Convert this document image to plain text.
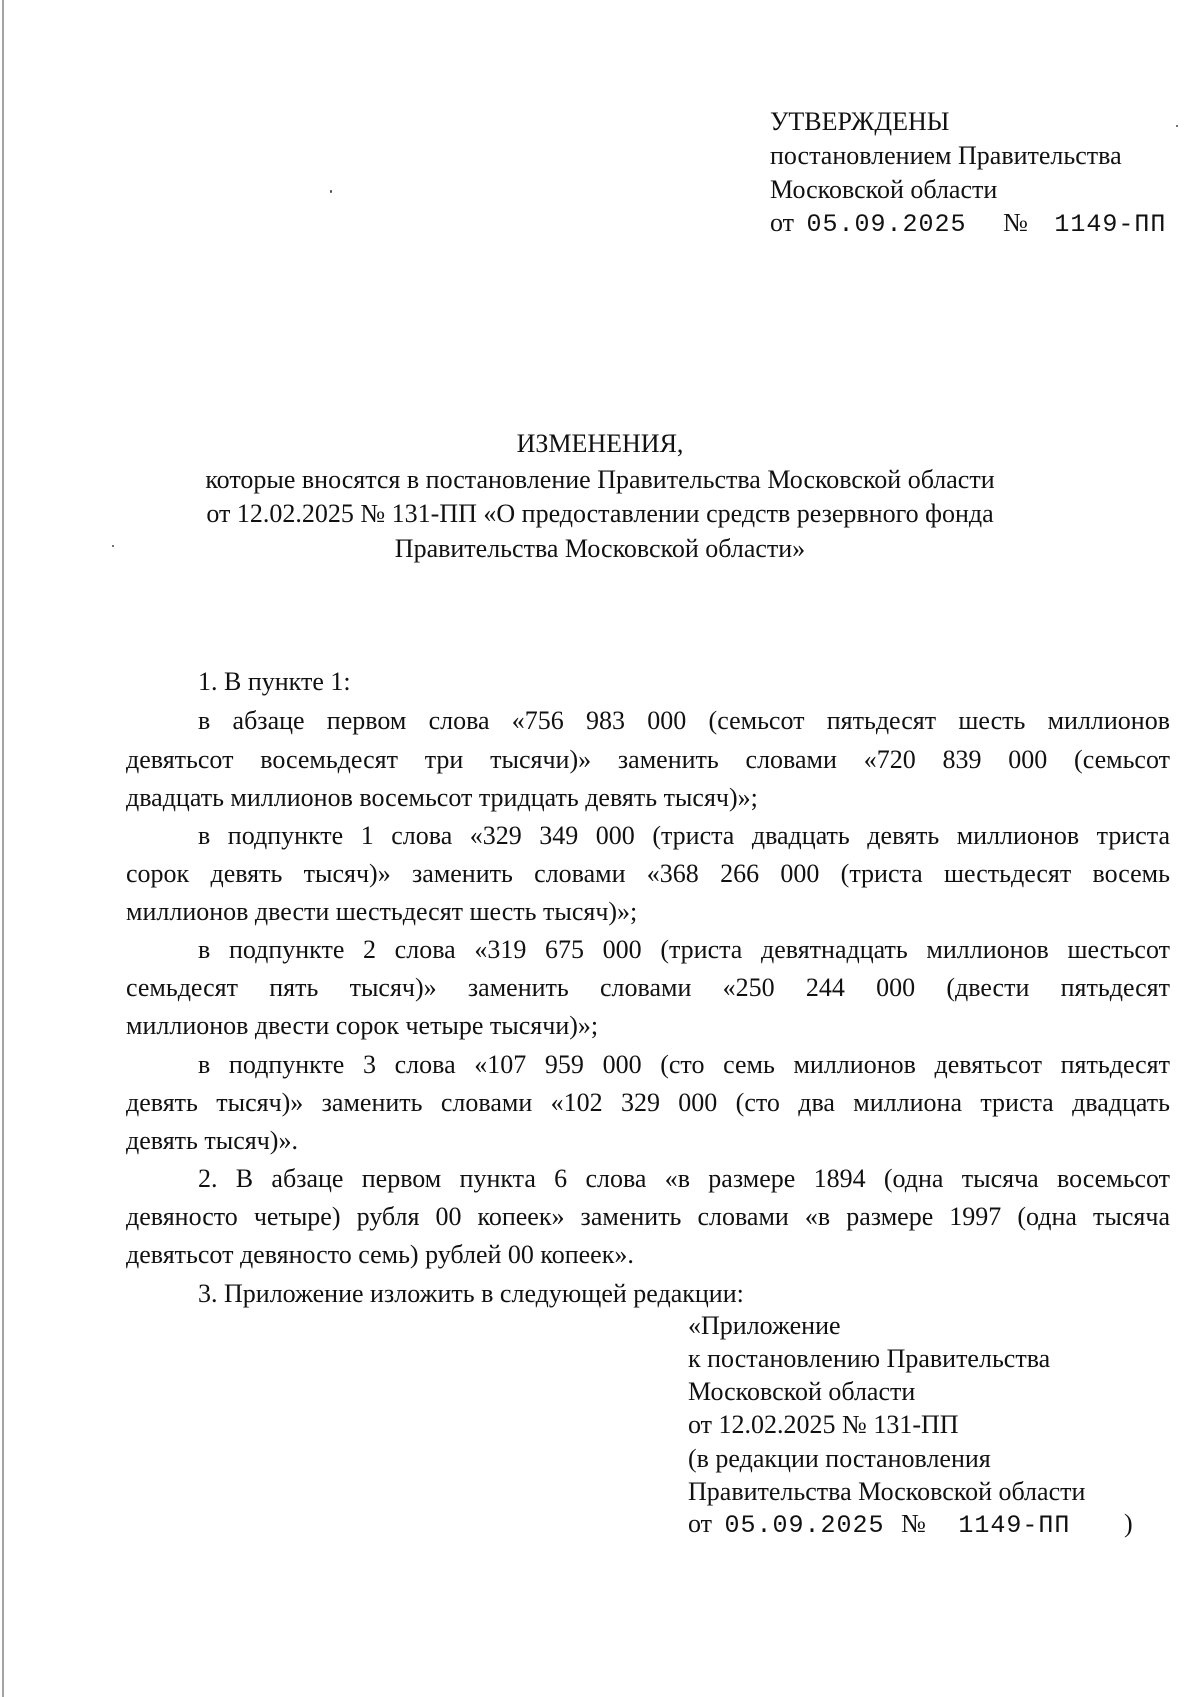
УТВЕРЖДЕНЫ
постановлением Правительства
Московской области
от 05.09.2025 № 1149-ПП
ИЗМЕНЕНИЯ,
которые вносятся в постановление Правительства Московской области
от 12.02.2025 № 131-ПП «О предоставлении средств резервного фонда
Правительства Московской области»
1. В пункте 1:
в абзаце первом слова «756 983 000 (семьсот пятьдесят шесть миллионов
девятьсот восемьдесят три тысячи)» заменить словами «720 839 000 (семьсот
двадцать миллионов восемьсот тридцать девять тысяч)»;
в подпункте 1 слова «329 349 000 (триста двадцать девять миллионов триста
сорок девять тысяч)» заменить словами «368 266 000 (триста шестьдесят восемь
миллионов двести шестьдесят шесть тысяч)»;
в подпункте 2 слова «319 675 000 (триста девятнадцать миллионов шестьсот
семьдесят пять тысяч)» заменить словами «250 244 000 (двести пятьдесят
миллионов двести сорок четыре тысячи)»;
в подпункте 3 слова «107 959 000 (сто семь миллионов девятьсот пятьдесят
девять тысяч)» заменить словами «102 329 000 (сто два миллиона триста двадцать
девять тысяч)».
2. В абзаце первом пункта 6 слова «в размере 1894 (одна тысяча восемьсот
девяносто четыре) рубля 00 копеек» заменить словами «в размере 1997 (одна тысяча
девятьсот девяносто семь) рублей 00 копеек».
3. Приложение изложить в следующей редакции:
«Приложение
к постановлению Правительства
Московской области
от 12.02.2025 № 131-ПП
(в редакции постановления
Правительства Московской области
от 05.09.2025 № 1149-ПП )
